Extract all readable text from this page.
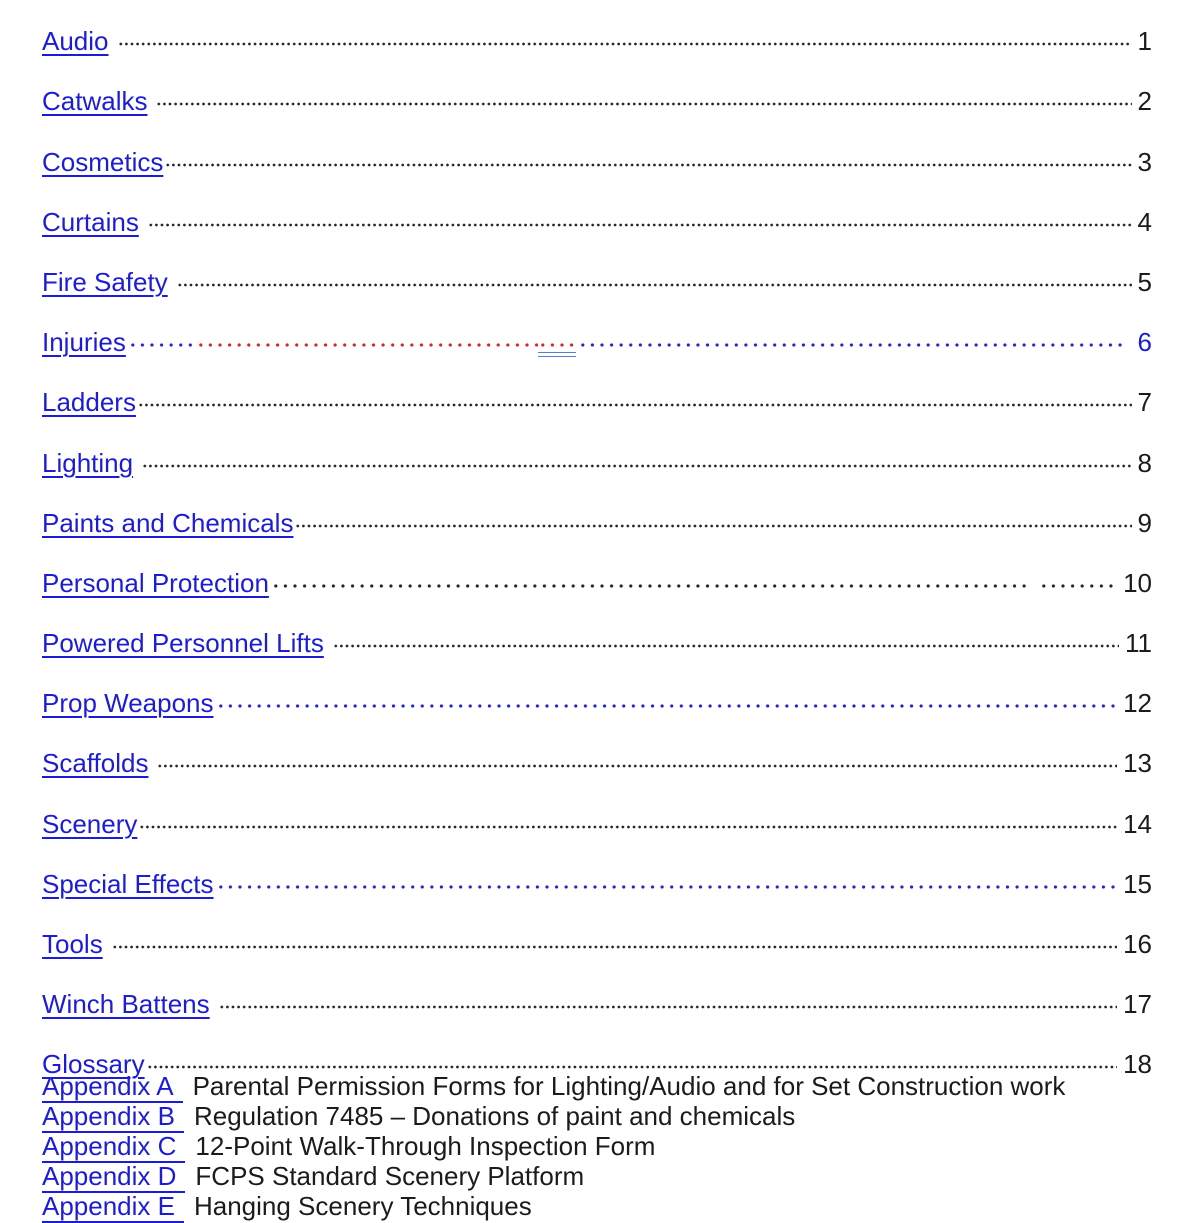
Audio	1
Catwalks	2
Cosmetics	3
Curtains	4
Fire Safety	5
Injuries	6
Ladders	7
Lighting	8
Paints and Chemicals	9
Personal Protection	10
Powered Personnel Lifts	11
Prop Weapons	12
Scaffolds	13
Scenery	14
Special Effects	15
Tools	16
Winch Battens	17
Glossary	18
Appendix A Parental Permission Forms for Lighting/Audio and for Set Construction work
Appendix B Regulation 7485 – Donations of paint and chemicals
Appendix C 12-Point Walk-Through Inspection Form
Appendix D FCPS Standard Scenery Platform
Appendix E Hanging Scenery Techniques
